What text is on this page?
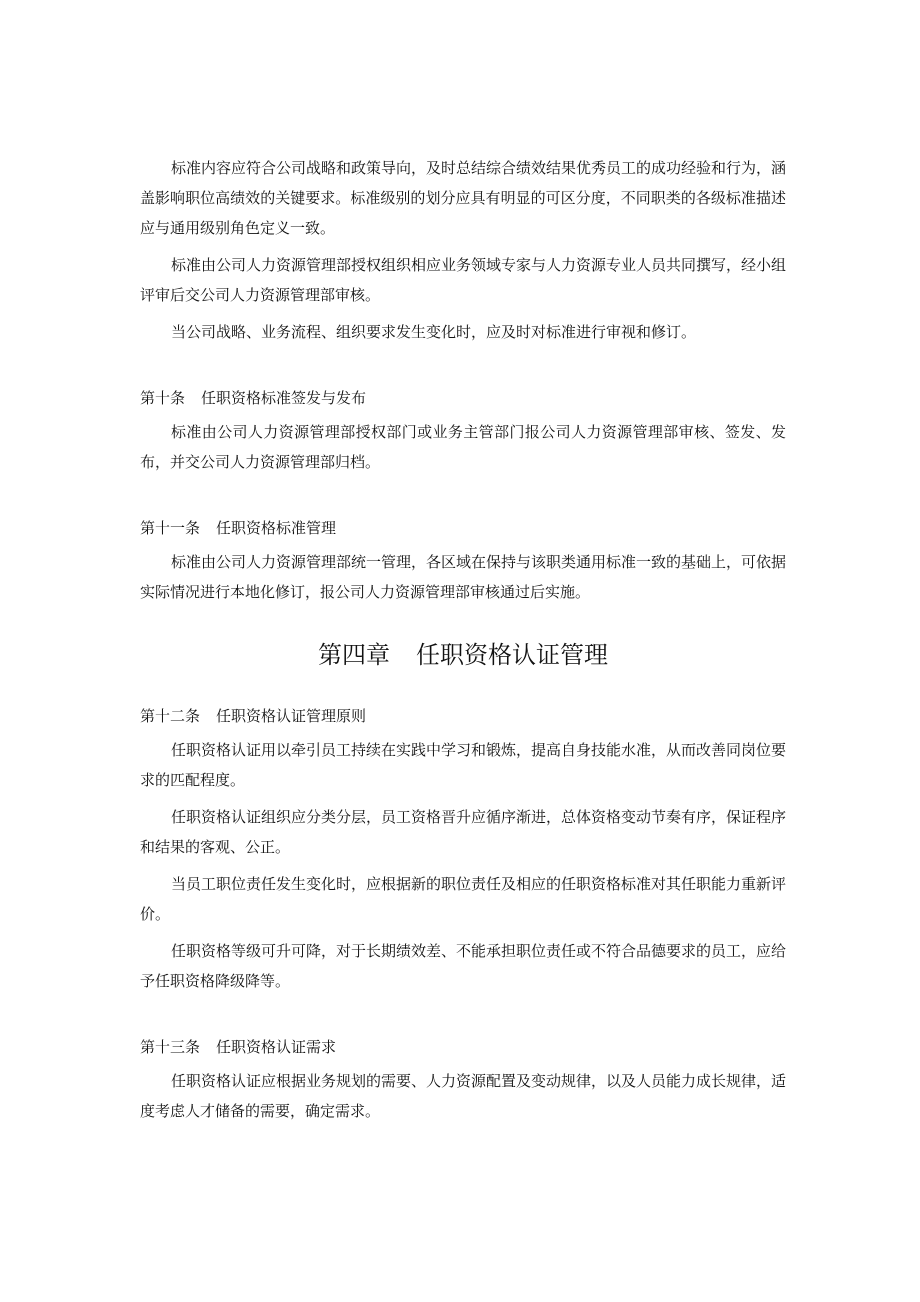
标准内容应符合公司战略和政策导向，及时总结综合绩效结果优秀员工的成功经验和行为，涵盖影响职位高绩效的关键要求。标准级别的划分应具有明显的可区分度，不同职类的各级标准描述应与通用级别角色定义一致。

标准由公司人力资源管理部授权组织相应业务领域专家与人力资源专业人员共同撰写，经小组评审后交公司人力资源管理部审核。

当公司战略、业务流程、组织要求发生变化时，应及时对标准进行审视和修订。

第十条 任职资格标准签发与发布

标准由公司人力资源管理部授权部门或业务主管部门报公司人力资源管理部审核、签发、发布，并交公司人力资源管理部归档。

第十一条 任职资格标准管理

标准由公司人力资源管理部统一管理，各区域在保持与该职类通用标准一致的基础上，可依据实际情况进行本地化修订，报公司人力资源管理部审核通过后实施。

第四章 任职资格认证管理

第十二条 任职资格认证管理原则

任职资格认证用以牵引员工持续在实践中学习和锻炼，提高自身技能水准，从而改善同岗位要求的匹配程度。

任职资格认证组织应分类分层，员工资格晋升应循序渐进，总体资格变动节奏有序，保证程序和结果的客观、公正。

当员工职位责任发生变化时，应根据新的职位责任及相应的任职资格标准对其任职能力重新评价。

任职资格等级可升可降，对于长期绩效差、不能承担职位责任或不符合品德要求的员工，应给予任职资格降级降等。

第十三条 任职资格认证需求

任职资格认证应根据业务规划的需要、人力资源配置及变动规律，以及人员能力成长规律，适度考虑人才储备的需要，确定需求。
